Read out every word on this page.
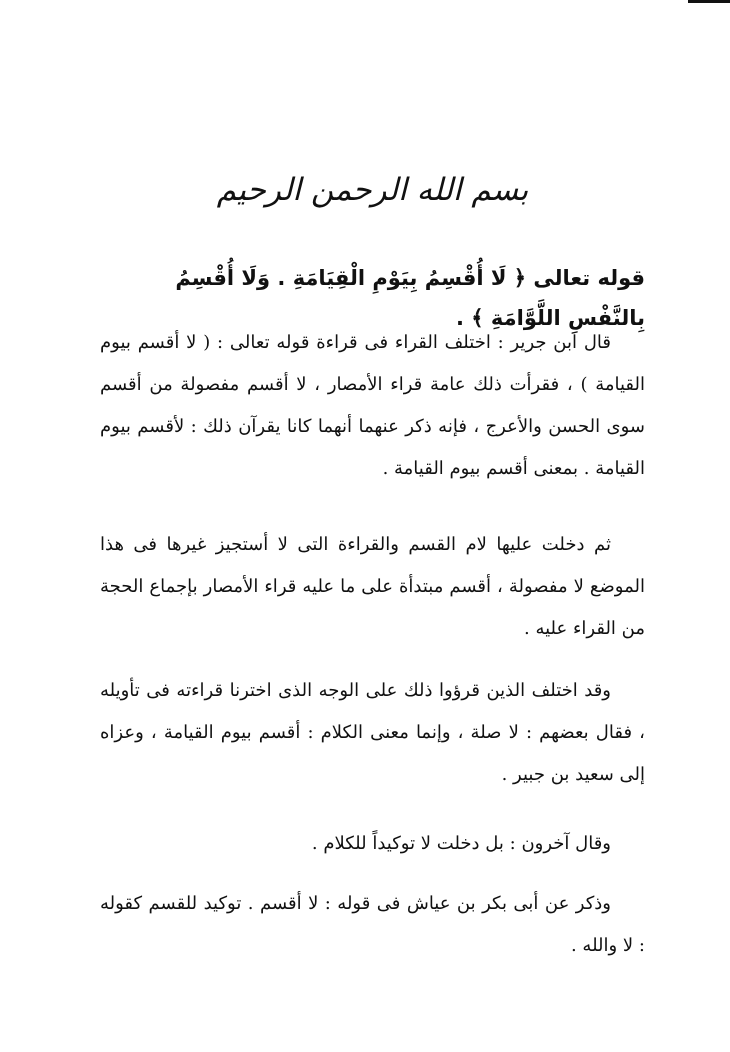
بسم الله الرحمن الرحيم
قوله تعالى ﴿ لَا أُقْسِمُ بِيَوْمِ الْقِيَامَةِ . وَلَا أُقْسِمُ بِالنَّفْسِ اللَّوَّامَةِ ﴾ .

قال ابن جرير : اختلف القراء فى قراءة قوله تعالى : ( لا أقسم بيوم القيامة ) ، فقرأت ذلك عامة قراء الأمصار ، لا أقسم مفصولة من أقسم سوى الحسن والأعرج ، فإنه ذكر عنهما أنهما كانا يقرآن ذلك : لأقسم بيوم القيامة . بمعنى أقسم بيوم القيامة .

ثم دخلت عليها لام القسم والقراءة التى لا أستجيز غيرها فى هذا الموضع لا مفصولة ، أقسم مبتدأة على ما عليه قراء الأمصار بإجماع الحجة من القراء عليه .

وقد اختلف الذين قرؤوا ذلك على الوجه الذى اخترنا قراءته فى تأويله ، فقال بعضهم : لا صلة ، وإنما معنى الكلام : أقسم بيوم القيامة ، وعزاه إلى سعيد بن جبير .

وقال آخرون : بل دخلت لا توكيداً للكلام .

وذكر عن أبى بكر بن عياش فى قوله : لا أقسم . توكيد للقسم كقوله : لا والله .
